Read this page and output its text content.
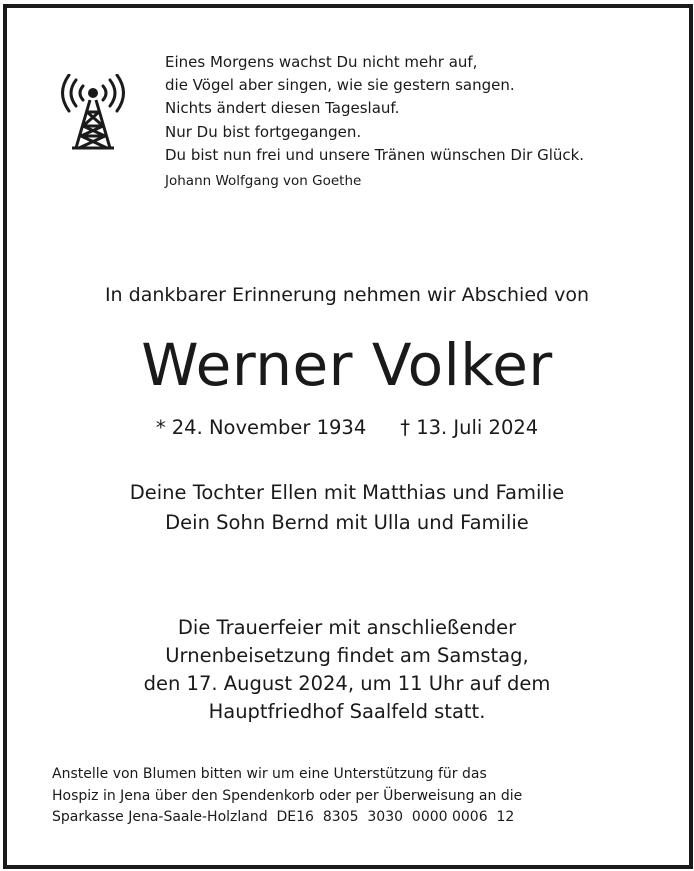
Eines Morgens wachst Du nicht mehr auf,
die Vögel aber singen, wie sie gestern sangen.
Nichts ändert diesen Tageslauf.
Nur Du bist fortgegangen.
Du bist nun frei und unsere Tränen wünschen Dir Glück.
Johann Wolfgang von Goethe
In dankbarer Erinnerung nehmen wir Abschied von
Werner Volker
* 24. November 1934 † 13. Juli 2024
Deine Tochter Ellen mit Matthias und Familie
Dein Sohn Bernd mit Ulla und Familie
Die Trauerfeier mit anschließender
Urnenbeisetzung findet am Samstag,
den 17. August 2024, um 11 Uhr auf dem
Hauptfriedhof Saalfeld statt.
Anstelle von Blumen bitten wir um eine Unterstützung für das
Hospiz in Jena über den Spendenkorb oder per Überweisung an die
Sparkasse Jena-Saale-Holzland  DE16  8305  3030  0000 0006  12
